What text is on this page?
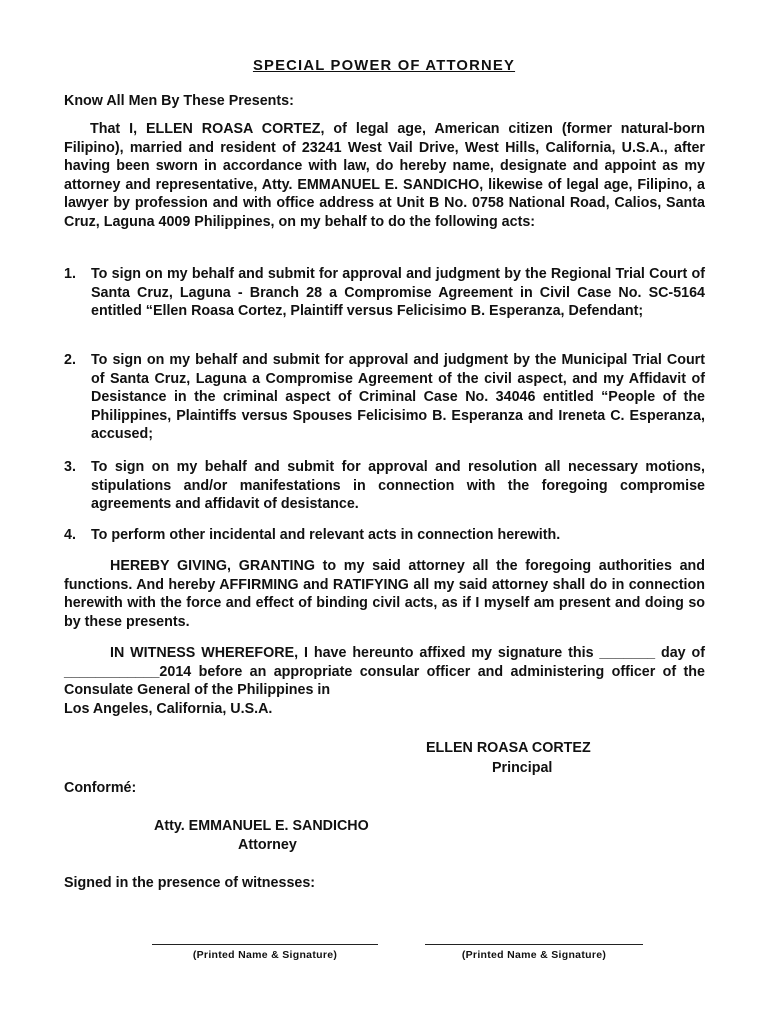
SPECIAL POWER OF ATTORNEY
Know All Men By These Presents:
That I, ELLEN ROASA CORTEZ, of legal age, American citizen (former natural-born Filipino), married and resident of 23241 West Vail Drive, West Hills, California, U.S.A., after having been sworn in accordance with law, do hereby name, designate and appoint as my attorney and representative, Atty. EMMANUEL E. SANDICHO, likewise of legal age, Filipino, a lawyer by profession and with office address at Unit B No. 0758 National Road, Calios, Santa Cruz, Laguna 4009 Philippines, on my behalf to do the following acts:
1.	To sign on my behalf and submit for approval and judgment by the Regional Trial Court of Santa Cruz, Laguna - Branch 28 a Compromise Agreement in Civil Case No. SC-5164 entitled “Ellen Roasa Cortez, Plaintiff versus Felicisimo B. Esperanza, Defendant;
2.	To sign on my behalf and submit for approval and judgment by the Municipal Trial Court of Santa Cruz, Laguna a Compromise Agreement of the civil aspect, and my Affidavit of Desistance in the criminal aspect of Criminal Case No. 34046 entitled “People of the Philippines, Plaintiffs versus Spouses Felicisimo B. Esperanza and Ireneta C. Esperanza, accused;
3.	To sign on my behalf and submit for approval and resolution all necessary motions, stipulations and/or manifestations in connection with the foregoing compromise agreements and affidavit of desistance.
4.	To perform other incidental and relevant acts in connection herewith.
HEREBY GIVING, GRANTING to my said attorney all the foregoing authorities and functions. And hereby AFFIRMING and RATIFYING all my said attorney shall do in connection herewith with the force and effect of binding civil acts, as if I myself am present and doing so by these presents.
IN WITNESS WHEREFORE, I have hereunto affixed my signature this _______ day of ____________2014 before an appropriate consular officer and administering officer of the Consulate General of the Philippines in
Los Angeles, California, U.S.A.
ELLEN ROASA CORTEZ
Principal
Conformé:
Atty. EMMANUEL E. SANDICHO
Attorney
Signed in the presence of witnesses:
(Printed Name & Signature)	(Printed Name & Signature)
